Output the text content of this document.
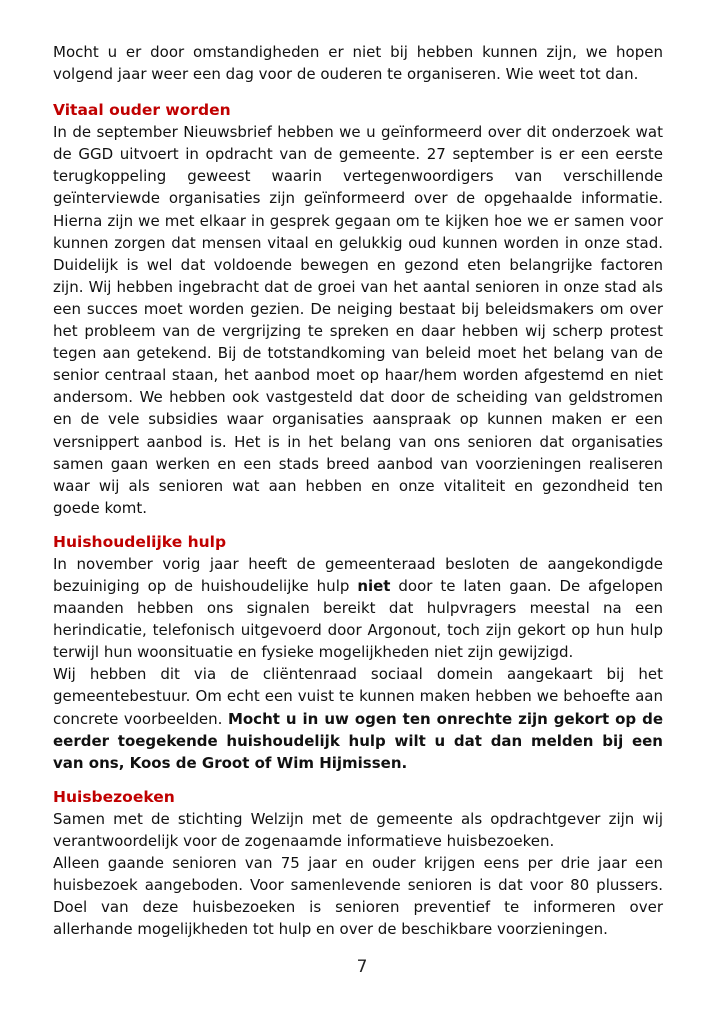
Mocht u er door omstandigheden er niet bij hebben kunnen zijn, we hopen volgend jaar weer een dag voor de ouderen te organiseren. Wie weet tot dan.

Vitaal ouder worden

In de september Nieuwsbrief hebben we u geïnformeerd over dit onderzoek wat de GGD uitvoert in opdracht van de gemeente. 27 september is er een eerste terugkoppeling geweest waarin vertegenwoordigers van verschillende geïnterviewde organisaties zijn geïnformeerd over de opgehaalde informatie. Hierna zijn we met elkaar in gesprek gegaan om te kijken hoe we er samen voor kunnen zorgen dat mensen vitaal en gelukkig oud kunnen worden in onze stad. Duidelijk is wel dat voldoende bewegen en gezond eten belangrijke factoren zijn. Wij hebben ingebracht dat de groei van het aantal senioren in onze stad als een succes moet worden gezien. De neiging bestaat bij beleidsmakers om over het probleem van de vergrijzing te spreken en daar hebben wij scherp protest tegen aan getekend. Bij de totstandkoming van beleid moet het belang van de senior centraal staan, het aanbod moet op haar/hem worden afgestemd en niet andersom. We hebben ook vastgesteld dat door de scheiding van geldstromen en de vele subsidies waar organisaties aanspraak op kunnen maken er een versnippert aanbod is. Het is in het belang van ons senioren dat organisaties samen gaan werken en een stads breed aanbod van voorzieningen realiseren waar wij als senioren wat aan hebben en onze vitaliteit en gezondheid ten goede komt.

Huishoudelijke hulp

In november vorig jaar heeft de gemeenteraad besloten de aangekondigde bezuiniging op de huishoudelijke hulp niet door te laten gaan. De afgelopen maanden hebben ons signalen bereikt dat hulpvragers meestal na een herindicatie, telefonisch uitgevoerd door Argonout, toch zijn gekort op hun hulp terwijl hun woonsituatie en fysieke mogelijkheden niet zijn gewijzigd.

Wij hebben dit via de cliëntenraad sociaal domein aangekaart bij het gemeentebestuur. Om echt een vuist te kunnen maken hebben we behoefte aan concrete voorbeelden. Mocht u in uw ogen ten onrechte zijn gekort op de eerder toegekende huishoudelijk hulp wilt u dat dan melden bij een van ons, Koos de Groot of Wim Hijmissen.

Huisbezoeken

Samen met de stichting Welzijn met de gemeente als opdrachtgever zijn wij verantwoordelijk voor de zogenaamde informatieve huisbezoeken.

Alleen gaande senioren van 75 jaar en ouder krijgen eens per drie jaar een huisbezoek aangeboden. Voor samenlevende senioren is dat voor 80 plussers. Doel van deze huisbezoeken is senioren preventief te informeren over allerhande mogelijkheden tot hulp en over de beschikbare voorzieningen.

7
